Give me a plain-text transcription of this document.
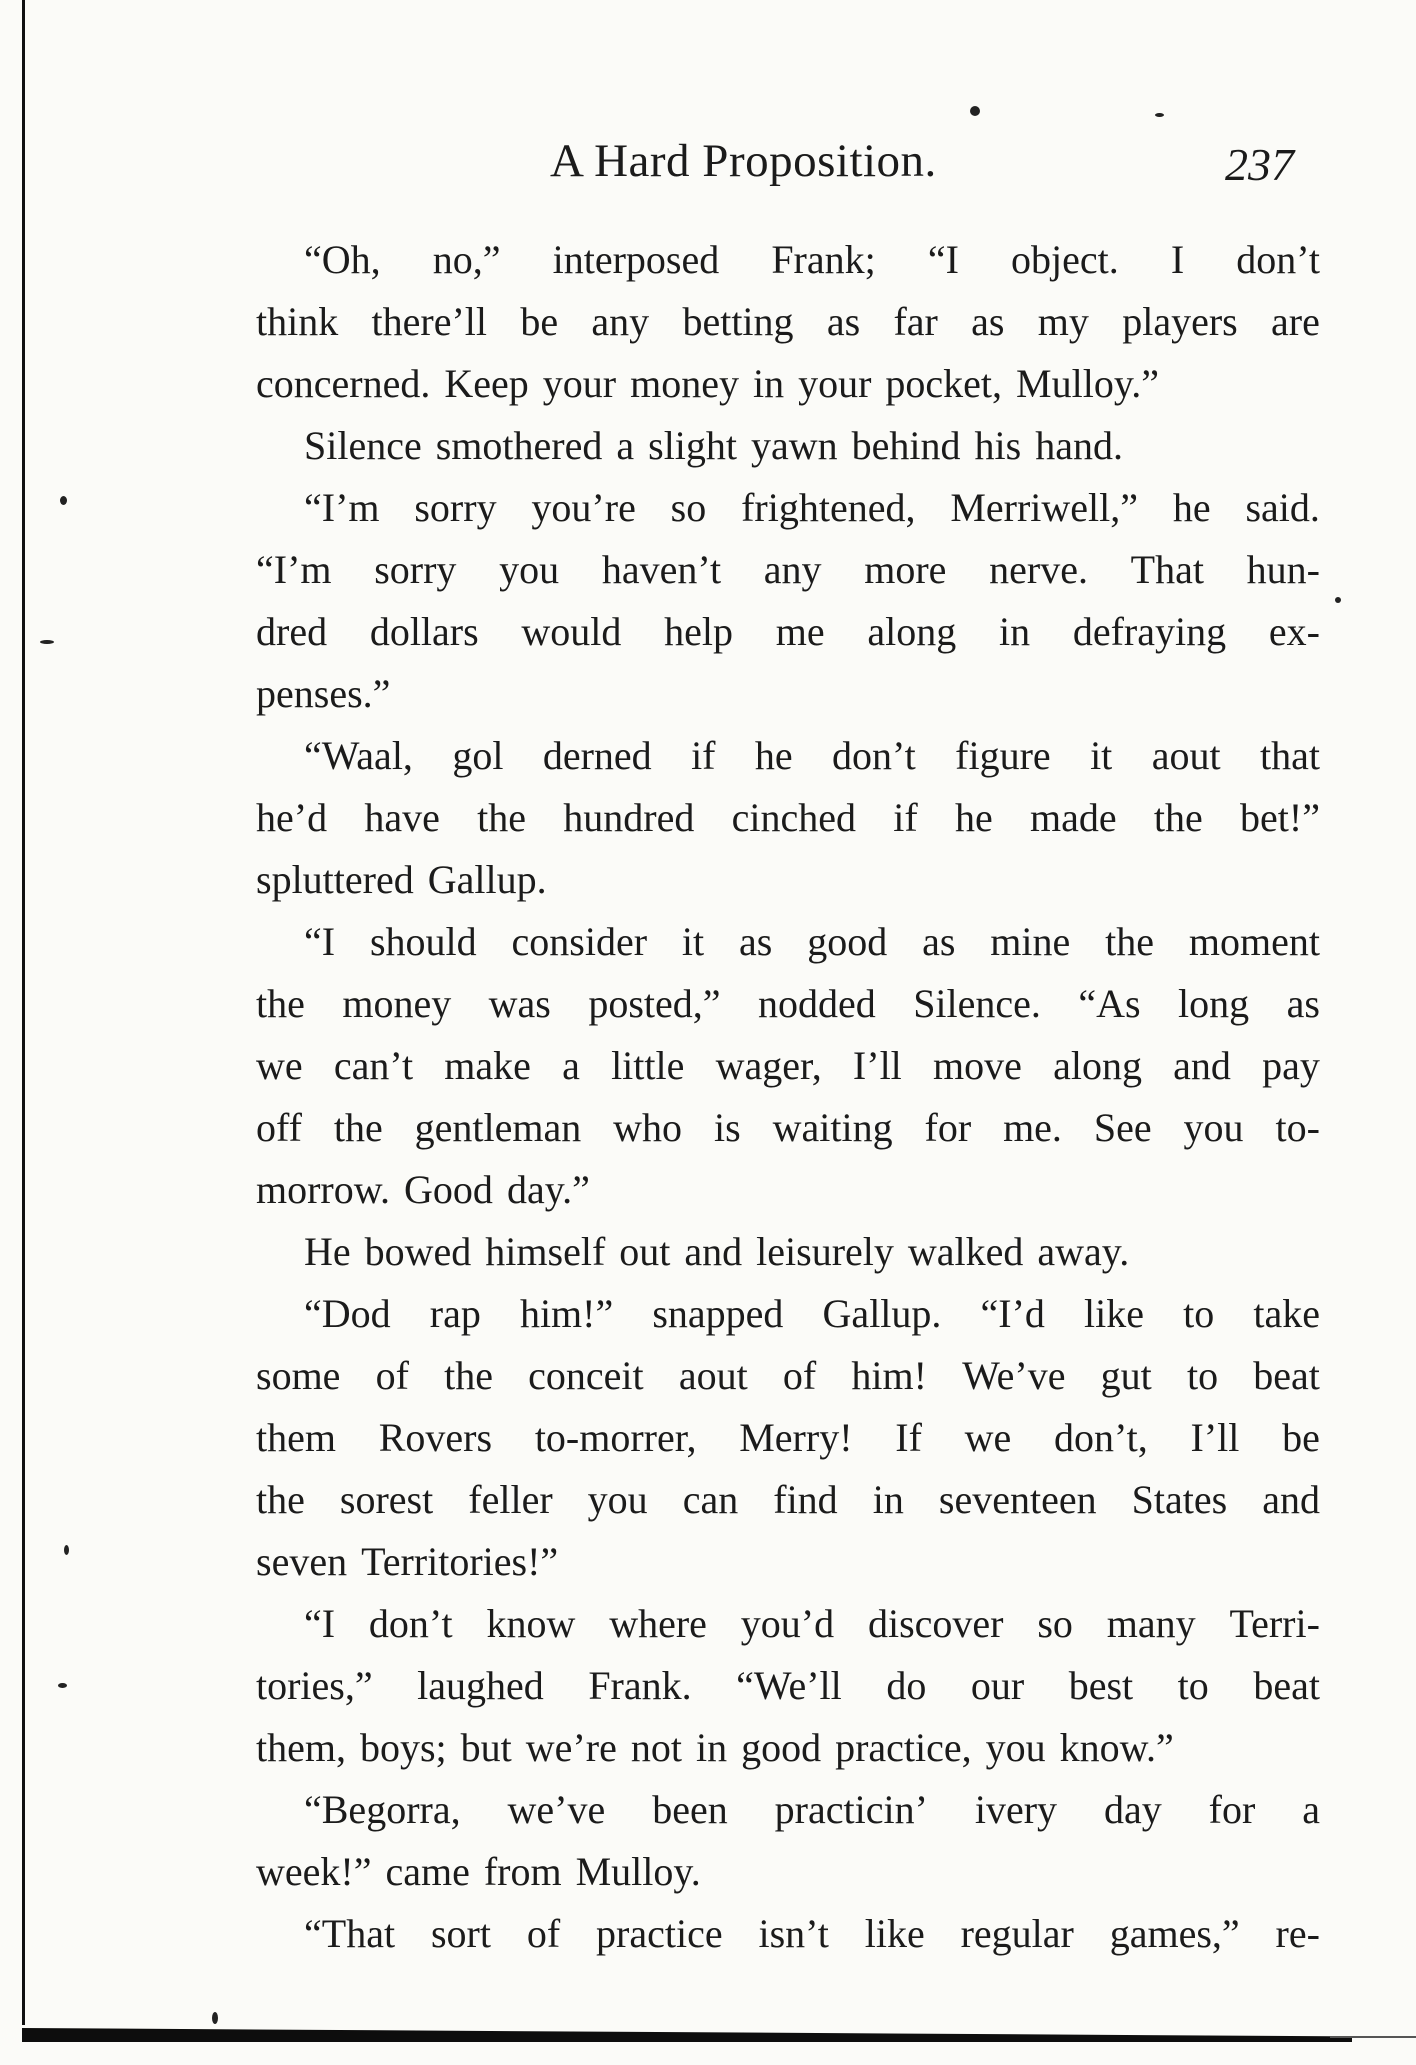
A Hard Proposition.	237
“Oh, no,” interposed Frank; “I object. I don’t
think there’ll be any betting as far as my players are
concerned. Keep your money in your pocket, Mulloy.”
Silence smothered a slight yawn behind his hand.
“I’m sorry you’re so frightened, Merriwell,” he said.
“I’m sorry you haven’t any more nerve. That hun-
dred dollars would help me along in defraying ex-
penses.”
“Waal, gol derned if he don’t figure it aout that
he’d have the hundred cinched if he made the bet!”
spluttered Gallup.
“I should consider it as good as mine the moment
the money was posted,” nodded Silence. “As long as
we can’t make a little wager, I’ll move along and pay
off the gentleman who is waiting for me. See you to-
morrow. Good day.”
He bowed himself out and leisurely walked away.
“Dod rap him!” snapped Gallup. “I’d like to take
some of the conceit aout of him! We’ve gut to beat
them Rovers to-morrer, Merry! If we don’t, I’ll be
the sorest feller you can find in seventeen States and
seven Territories!”
“I don’t know where you’d discover so many Terri-
tories,” laughed Frank. “We’ll do our best to beat
them, boys; but we’re not in good practice, you know.”
“Begorra, we’ve been practicin’ ivery day for a
week!” came from Mulloy.
“That sort of practice isn’t like regular games,” re-
